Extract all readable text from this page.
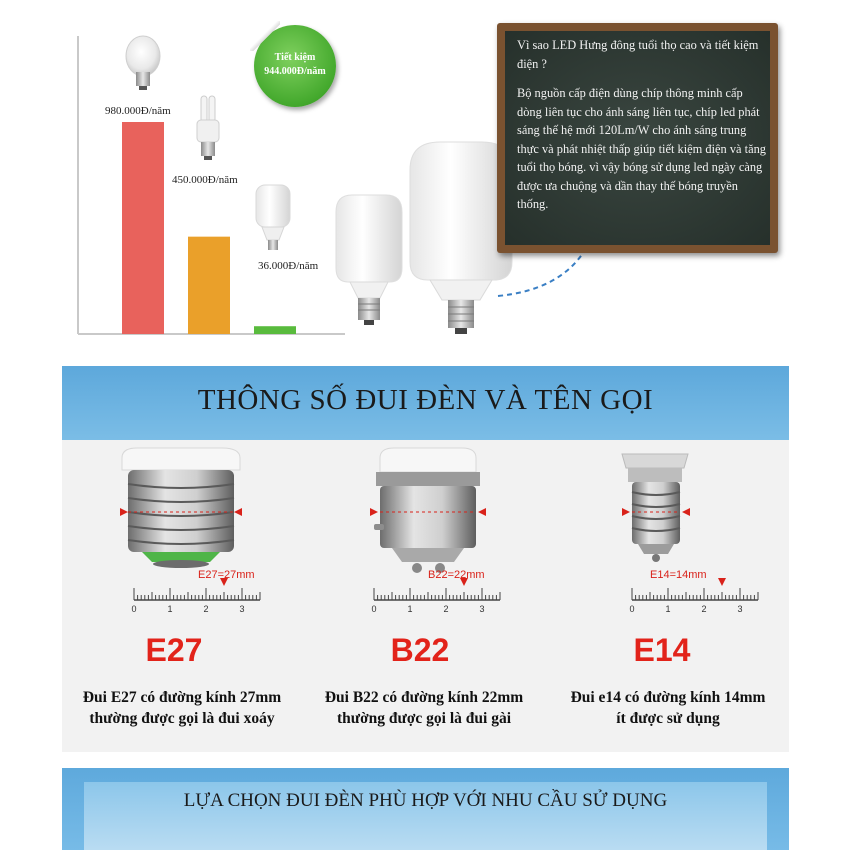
980.000Đ/năm
450.000Đ/năm
36.000Đ/năm
Tiết kiệm
944.000Đ/năm

Vì sao LED Hưng đông tuổi thọ cao và tiết kiệm điện ?

Bộ nguồn cấp điện dùng chíp thông minh cấp dòng liên tục cho ánh sáng liên tục, chíp led phát sáng thế hệ mới 120Lm/W cho ánh sáng trung thực và phát nhiệt thấp giúp tiết kiệm điện và tăng tuổi thọ bóng. vì vậy bóng sử dụng led ngày càng được ưa chuộng và dần thay thế bóng truyền thống.

THÔNG SỐ ĐUI ĐÈN VÀ TÊN GỌI
0	1	2	3	0	1	2	3	0	1	2	3
E27=27mm	B22=22mm	E14=14mm
E27	B22	E14
Đui E27 có đường kính 27mm
thường được gọi là đui xoáy
Đui B22 có đường kính 22mm
thường được gọi là đui gài
Đui e14 có đường kính 14mm
ít được sử dụng
LỰA CHỌN ĐUI ĐÈN PHÙ HỢP VỚI NHU CẦU SỬ DỤNG
